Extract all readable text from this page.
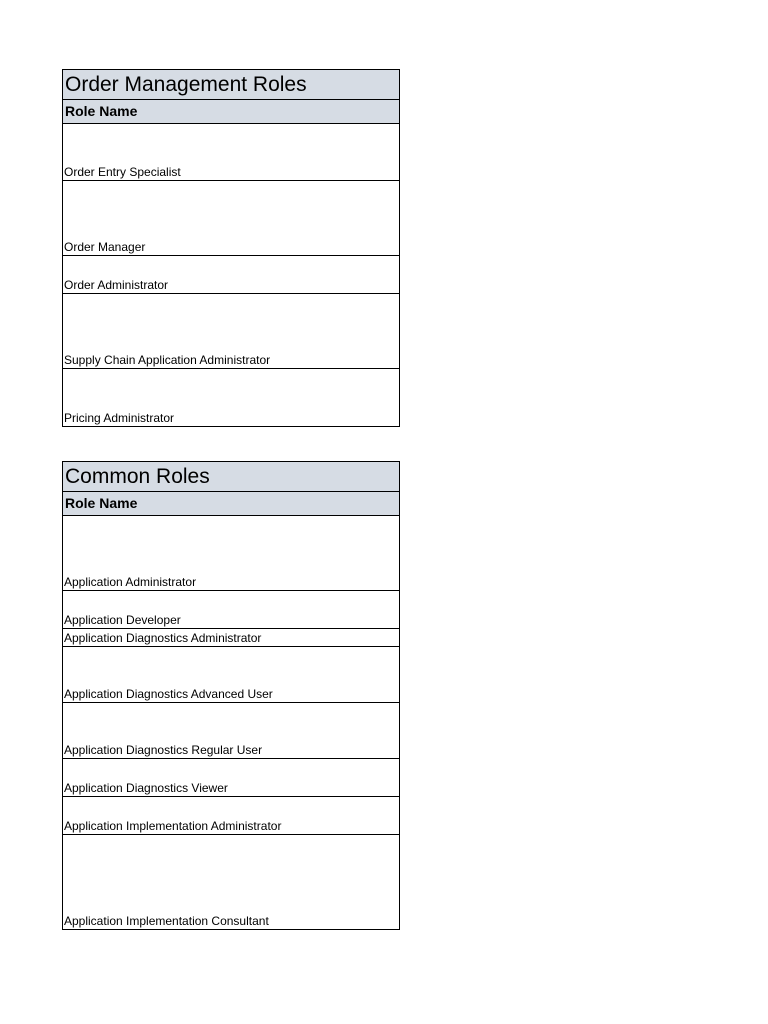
Order Management Roles
Role Name
Order Entry Specialist
Order Manager
Order Administrator
Supply Chain Application Administrator
Pricing Administrator
Common Roles
Role Name
Application Administrator
Application Developer
Application Diagnostics Administrator
Application Diagnostics Advanced User
Application Diagnostics Regular User
Application Diagnostics Viewer
Application Implementation Administrator
Application Implementation Consultant
